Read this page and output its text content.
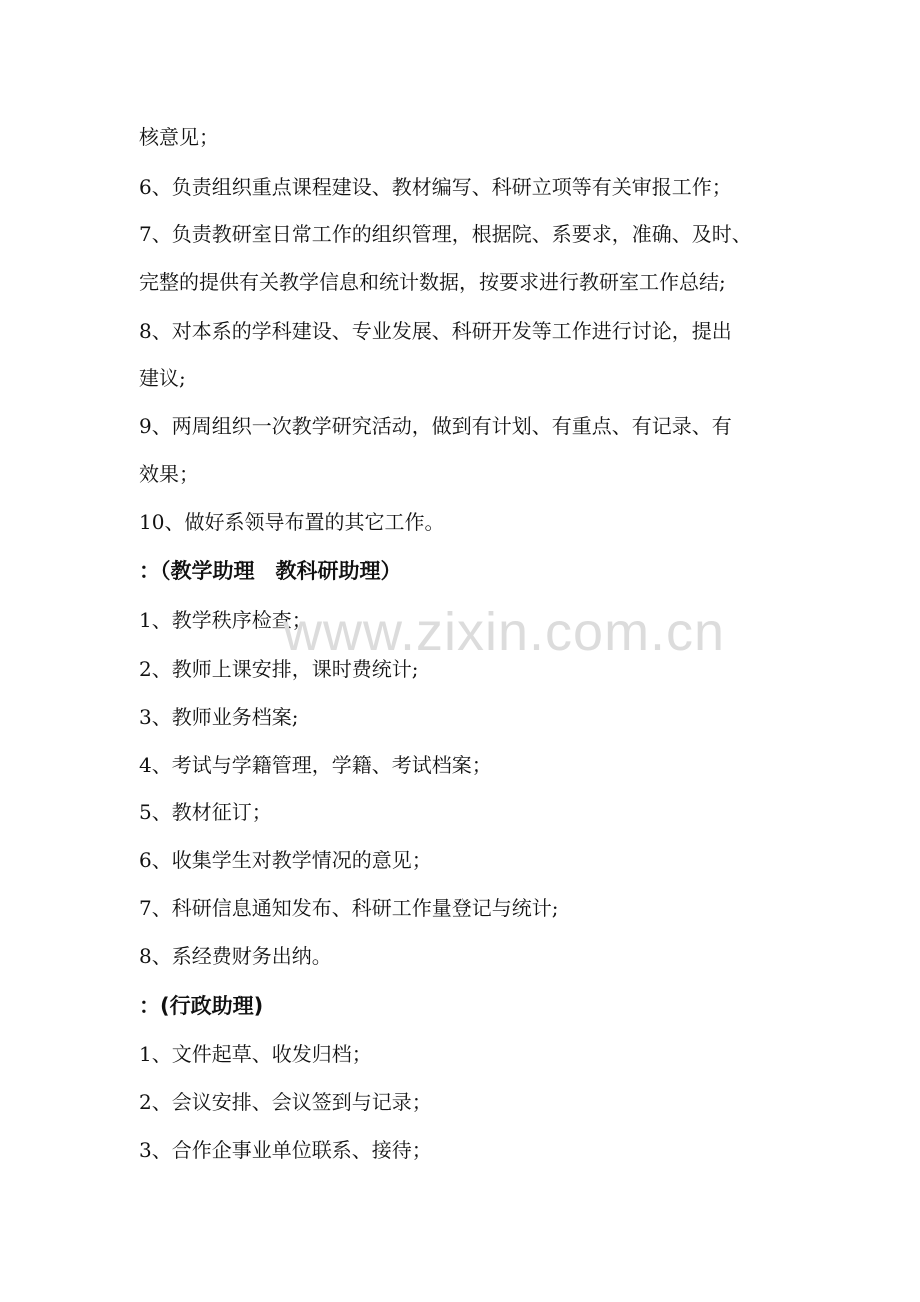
核意见；
6、负责组织重点课程建设、教材编写、科研立项等有关审报工作；
7、负责教研室日常工作的组织管理，根据院、系要求，准确、及时、
完整的提供有关教学信息和统计数据，按要求进行教研室工作总结;
8、对本系的学科建设、专业发展、科研开发等工作进行讨论，提出
建议;
9、两周组织一次教学研究活动，做到有计划、有重点、有记录、有
效果；
10、做好系领导布置的其它工作。
：（教学助理　教科研助理）
1、教学秩序检查；
2、教师上课安排，课时费统计;
3、教师业务档案;
4、考试与学籍管理，学籍、考试档案；
5、教材征订；
6、收集学生对教学情况的意见；
7、科研信息通知发布、科研工作量登记与统计;
8、系经费财务出纳。
：(行政助理)
1、文件起草、收发归档；
2、会议安排、会议签到与记录；
3、合作企事业单位联系、接待；
www.zixin.com.cn
